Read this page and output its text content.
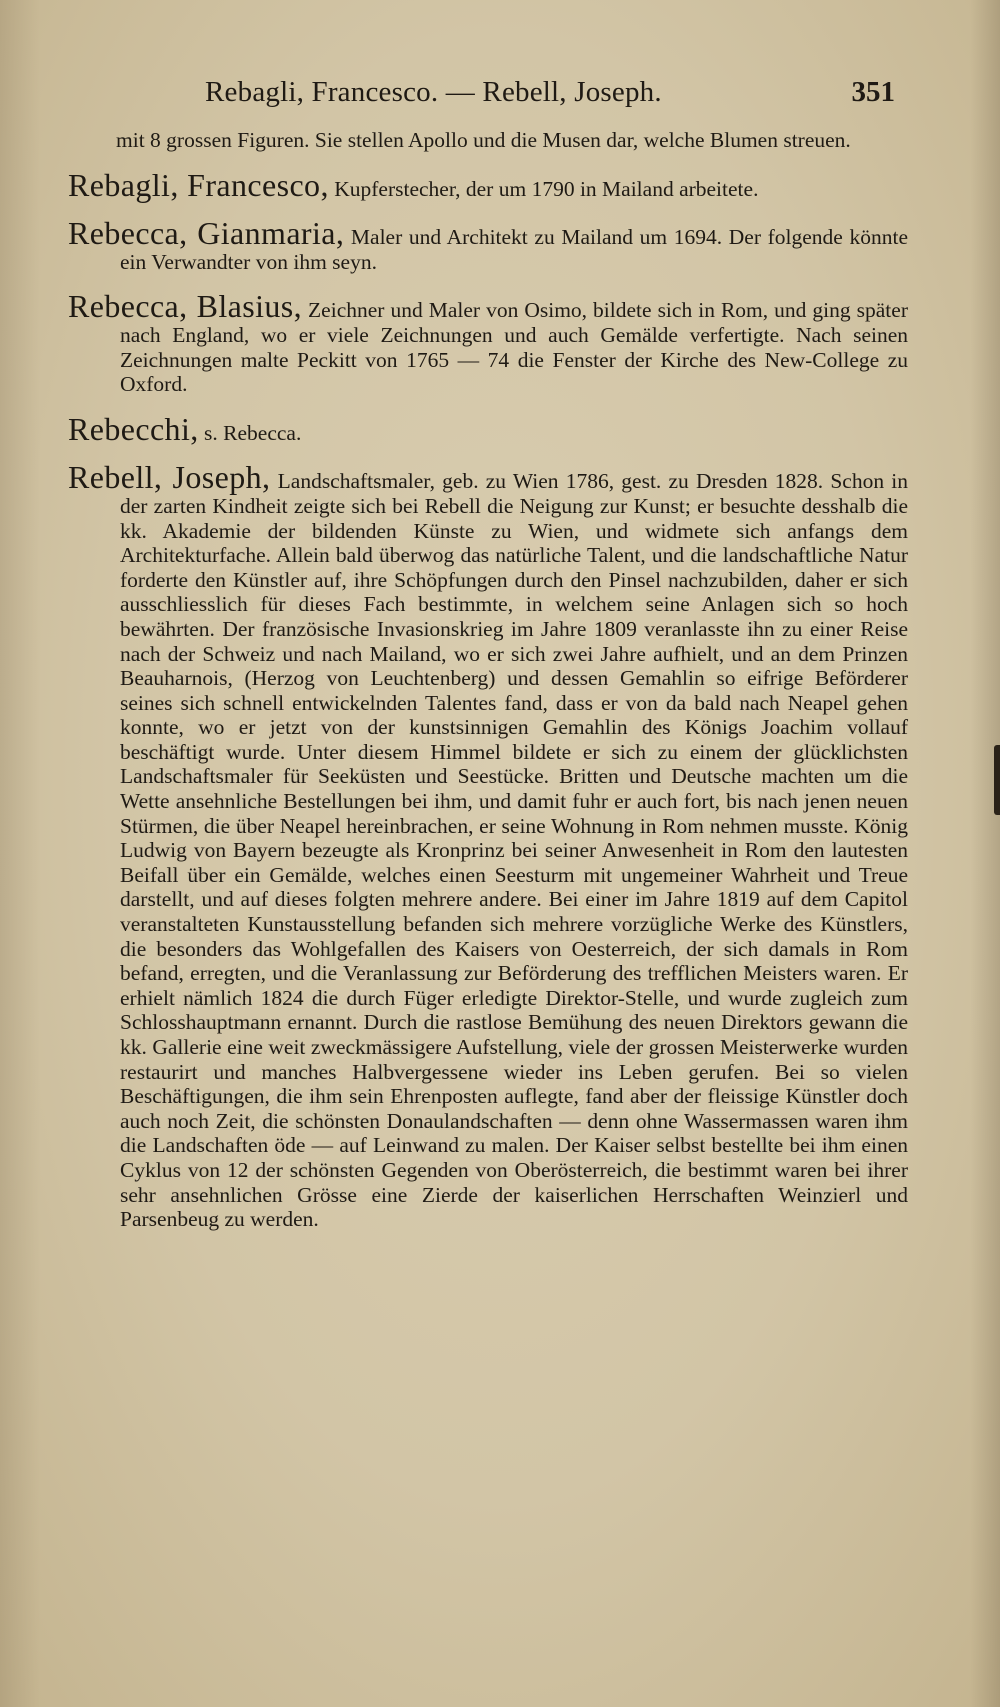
Rebagli, Francesco. — Rebell, Joseph.	351

mit 8 grossen Figuren. Sie stellen Apollo und die Musen dar, welche Blumen streuen.

Rebagli, Francesco, Kupferstecher, der um 1790 in Mailand arbeitete.

Rebecca, Gianmaria, Maler und Architekt zu Mailand um 1694. Der folgende könnte ein Verwandter von ihm seyn.

Rebecca, Blasius, Zeichner und Maler von Osimo, bildete sich in Rom, und ging später nach England, wo er viele Zeichnungen und auch Gemälde verfertigte. Nach seinen Zeichnungen malte Peckitt von 1765 — 74 die Fenster der Kirche des New-College zu Oxford.

Rebecchi, s. Rebecca.

Rebell, Joseph, Landschaftsmaler, geb. zu Wien 1786, gest. zu Dresden 1828. Schon in der zarten Kindheit zeigte sich bei Rebell die Neigung zur Kunst; er besuchte desshalb die kk. Akademie der bildenden Künste zu Wien, und widmete sich anfangs dem Architekturfache. Allein bald überwog das natürliche Talent, und die landschaftliche Natur forderte den Künstler auf, ihre Schöpfungen durch den Pinsel nachzubilden, daher er sich ausschliesslich für dieses Fach bestimmte, in welchem seine Anlagen sich so hoch bewährten. Der französische Invasionskrieg im Jahre 1809 veranlasste ihn zu einer Reise nach der Schweiz und nach Mailand, wo er sich zwei Jahre aufhielt, und an dem Prinzen Beauharnois, (Herzog von Leuchtenberg) und dessen Gemahlin so eifrige Beförderer seines sich schnell entwickelnden Talentes fand, dass er von da bald nach Neapel gehen konnte, wo er jetzt von der kunstsinnigen Gemahlin des Königs Joachim vollauf beschäftigt wurde. Unter diesem Himmel bildete er sich zu einem der glücklichsten Landschaftsmaler für Seeküsten und Seestücke. Britten und Deutsche machten um die Wette ansehnliche Bestellungen bei ihm, und damit fuhr er auch fort, bis nach jenen neuen Stürmen, die über Neapel hereinbrachen, er seine Wohnung in Rom nehmen musste. König Ludwig von Bayern bezeugte als Kronprinz bei seiner Anwesenheit in Rom den lautesten Beifall über ein Gemälde, welches einen Seesturm mit ungemeiner Wahrheit und Treue darstellt, und auf dieses folgten mehrere andere. Bei einer im Jahre 1819 auf dem Capitol veranstalteten Kunstausstellung befanden sich mehrere vorzügliche Werke des Künstlers, die besonders das Wohlgefallen des Kaisers von Oesterreich, der sich damals in Rom befand, erregten, und die Veranlassung zur Beförderung des trefflichen Meisters waren. Er erhielt nämlich 1824 die durch Füger erledigte Direktor-Stelle, und wurde zugleich zum Schlosshauptmann ernannt. Durch die rastlose Bemühung des neuen Direktors gewann die kk. Gallerie eine weit zweckmässigere Aufstellung, viele der grossen Meisterwerke wurden restaurirt und manches Halbvergessene wieder ins Leben gerufen. Bei so vielen Beschäftigungen, die ihm sein Ehrenposten auflegte, fand aber der fleissige Künstler doch auch noch Zeit, die schönsten Donaulandschaften — denn ohne Wassermassen waren ihm die Landschaften öde — auf Leinwand zu malen. Der Kaiser selbst bestellte bei ihm einen Cyklus von 12 der schönsten Gegenden von Oberösterreich, die bestimmt waren bei ihrer sehr ansehnlichen Grösse eine Zierde der kaiserlichen Herrschaften Weinzierl und Parsenbeug zu werden.
